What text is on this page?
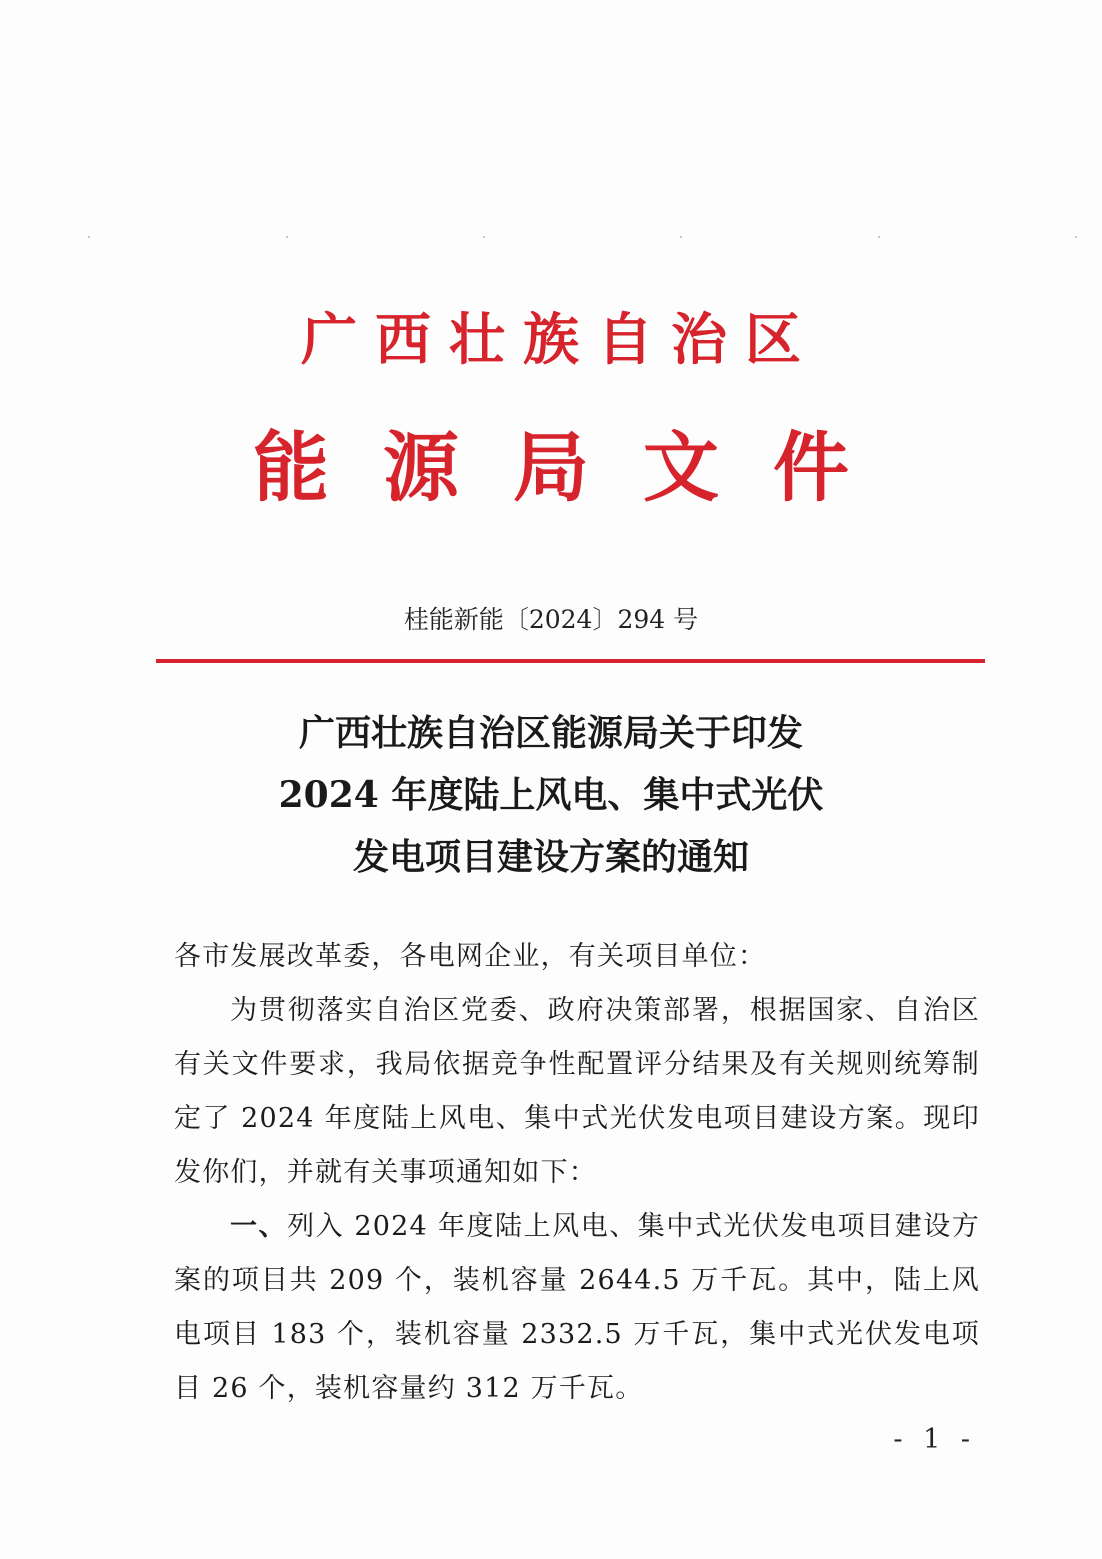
广西壮族自治区
能源局文件
桂能新能〔2024〕294 号
广西壮族自治区能源局关于印发
2024 年度陆上风电、集中式光伏
发电项目建设方案的通知

各市发展改革委，各电网企业，有关项目单位：

为贯彻落实自治区党委、政府决策部署，根据国家、自治区有关文件要求，我局依据竞争性配置评分结果及有关规则统筹制定了 2024 年度陆上风电、集中式光伏发电项目建设方案。现印发你们，并就有关事项通知如下：

一、列入 2024 年度陆上风电、集中式光伏发电项目建设方案的项目共 209 个，装机容量 2644.5 万千瓦。其中，陆上风电项目 183 个，装机容量 2332.5 万千瓦，集中式光伏发电项目 26 个，装机容量约 312 万千瓦。

- 1 -
